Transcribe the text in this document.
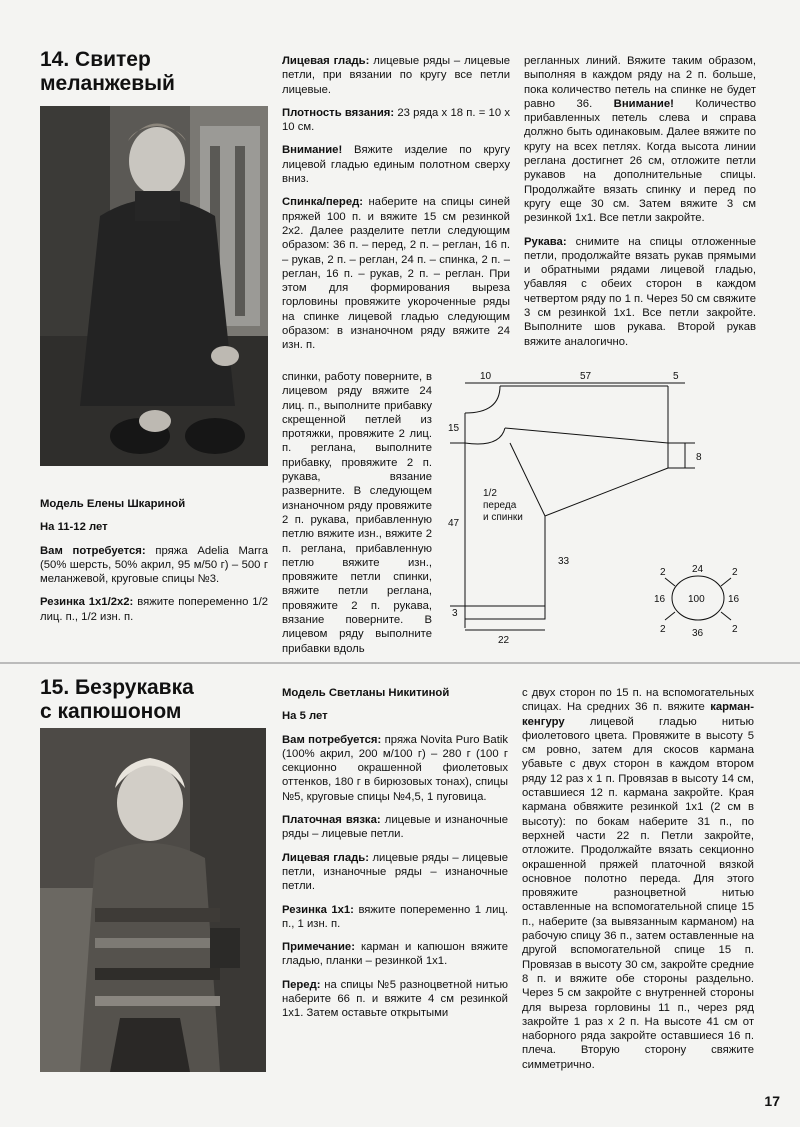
14. Свитер
меланжевый

Модель Елены Шкариной

На 11-12 лет

Вам потребуется: пряжа Adelia Marra (50% шерсть, 50% акрил, 95 м/50 г) – 500 г меланжевой, круговые спицы №3.

Резинка 1х1/2х2: вяжите попеременно 1/2 лиц. п., 1/2 изн. п.

Лицевая гладь: лицевые ряды – лицевые петли, при вязании по кругу все петли лицевые.

Плотность вязания: 23 ряда х 18 п. = 10 х 10 см.

Внимание! Вяжите изделие по кругу лицевой гладью единым полотном сверху вниз.

Спинка/перед: наберите на спицы синей пряжей 100 п. и вяжите 15 см резинкой 2х2. Далее разделите петли следующим образом: 36 п. – перед, 2 п. – реглан, 16 п. – рукав, 2 п. – реглан, 24 п. – спинка, 2 п. – реглан, 16 п. – рукав, 2 п. – реглан. При этом для формирования выреза горловины провяжите укороченные ряды на спинке лицевой гладью следующим образом: в изнаночном ряду вяжите 24 изн. п.

спинки, работу поверните, в лицевом ряду вяжите 24 лиц. п., выполните прибавку скрещенной петлей из протяжки, провяжите 2 лиц. п. реглана, выполните прибавку, провяжите 2 п. рукава, вязание разверните. В следующем изнаночном ряду провяжите 2 п. рукава, прибавленную петлю вяжите изн., вяжите 2 п. реглана, прибавленную петлю вяжите изн., провяжите петли спинки, вяжите петли реглана, провяжите 2 п. рукава, вязание поверните. В лицевом ряду выполните прибавки вдоль

регланных линий. Вяжите таким образом, выполняя в каждом ряду на 2 п. больше, пока количество петель на спинке не будет равно 36. Внимание! Количество прибавленных петель слева и справа должно быть одинаковым. Далее вяжите по кругу на всех петлях. Когда высота линии реглана достигнет 26 см, отложите петли рукавов на дополнительные спицы. Продолжайте вязать спинку и перед по кругу еще 30 см. Затем вяжите 3 см резинкой 1х1. Все петли закройте.

Рукава: снимите на спицы отложенные петли, продолжайте вязать рукав прямыми и обратными рядами лицевой гладью, убавляя с обеих сторон в каждом четвертом ряду по 1 п. Через 50 см свяжите 3 см резинкой 1х1. Все петли закройте. Выполните шов рукава. Второй рукав вяжите аналогично.

10	57	5
15
47
3
8
33
22
1/2
переда
и спинки
100
2	24	2
16	16
2	36	2
15. Безрукавка
с капюшоном

Модель Светланы Никитиной

На 5 лет

Вам потребуется: пряжа Novita Puro Batik (100% акрил, 200 м/100 г) – 280 г (100 г секционно окрашенной фиолетовых оттенков, 180 г в бирюзовых тонах), спицы №5, круговые спицы №4,5, 1 пуговица.

Платочная вязка: лицевые и изнаночные ряды – лицевые петли.

Лицевая гладь: лицевые ряды – лицевые петли, изнаночные ряды – изнаночные петли.

Резинка 1х1: вяжите попеременно 1 лиц. п., 1 изн. п.

Примечание: карман и капюшон вяжите гладью, планки – резинкой 1х1.

Перед: на спицы №5 разноцветной нитью наберите 66 п. и вяжите 4 см резинкой 1х1. Затем оставьте открытыми

с двух сторон по 15 п. на вспомогательных спицах. На средних 36 п. вяжите карман-кенгуру лицевой гладью нитью фиолетового цвета. Провяжите в высоту 5 см ровно, затем для скосов кармана убавьте с двух сторон в каждом втором ряду 12 раз х 1 п. Провязав в высоту 14 см, оставшиеся 12 п. кармана закройте. Края кармана обвяжите резинкой 1х1 (2 см в высоту): по бокам наберите 31 п., по верхней части 22 п. Петли закройте, отложите. Продолжайте вязать секционно окрашенной пряжей платочной вязкой основное полотно переда. Для этого провяжите разноцветной нитью оставленные на вспомогательной спице 15 п., наберите (за вывязанным карманом) на рабочую спицу 36 п., затем оставленные на другой вспомогательной спице 15 п. Провязав в высоту 30 см, закройте средние 8 п. и вяжите обе стороны раздельно. Через 5 см закройте с внутренней стороны для выреза горловины 11 п., через ряд закройте 1 раз х 2 п. На высоте 41 см от наборного ряда закройте оставшиеся 16 п. плеча. Вторую сторону свяжите симметрично.

17
